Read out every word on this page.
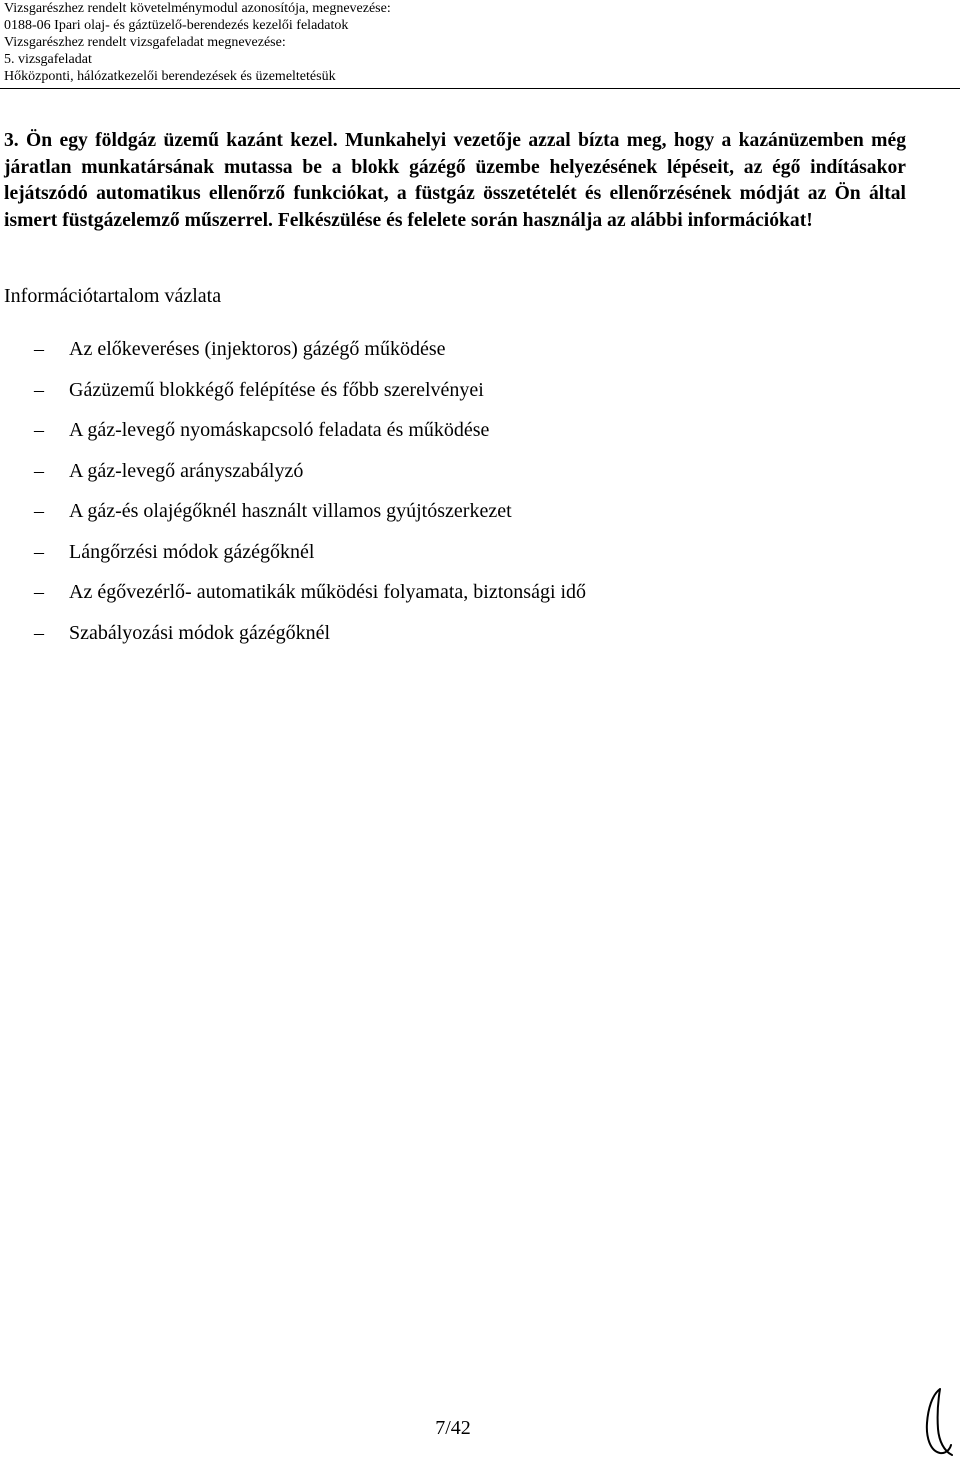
Vizsgarészhez rendelt követelménymodul azonosítója, megnevezése:
0188-06 Ipari olaj- és gáztüzelő-berendezés kezelői feladatok
Vizsgarészhez rendelt vizsgafeladat megnevezése:
5. vizsgafeladat
Hőközponti, hálózatkezelői berendezések és üzemeltetésük
3. Ön egy földgáz üzemű kazánt kezel. Munkahelyi vezetője azzal bízta meg, hogy a kazánüzemben még járatlan munkatársának mutassa be a blokk gázégő üzembe helyezésének lépéseit, az égő indításakor lejátszódó automatikus ellenőrző funkciókat, a füstgáz összetételét és ellenőrzésének módját az Ön által ismert füstgázelemző műszerrel. Felkészülése és felelete során használja az alábbi információkat!
Információtartalom vázlata
– Az előkeveréses (injektoros) gázégő működése
– Gázüzemű blokkégő felépítése és főbb szerelvényei
– A gáz-levegő nyomáskapcsoló feladata és működése
– A gáz-levegő arányszabályzó
– A gáz-és olajégőknél használt villamos gyújtószerkezet
– Lángőrzési módok gázégőknél
– Az égővezérlő- automatikák működési folyamata, biztonsági idő
– Szabályozási módok gázégőknél
7/42
